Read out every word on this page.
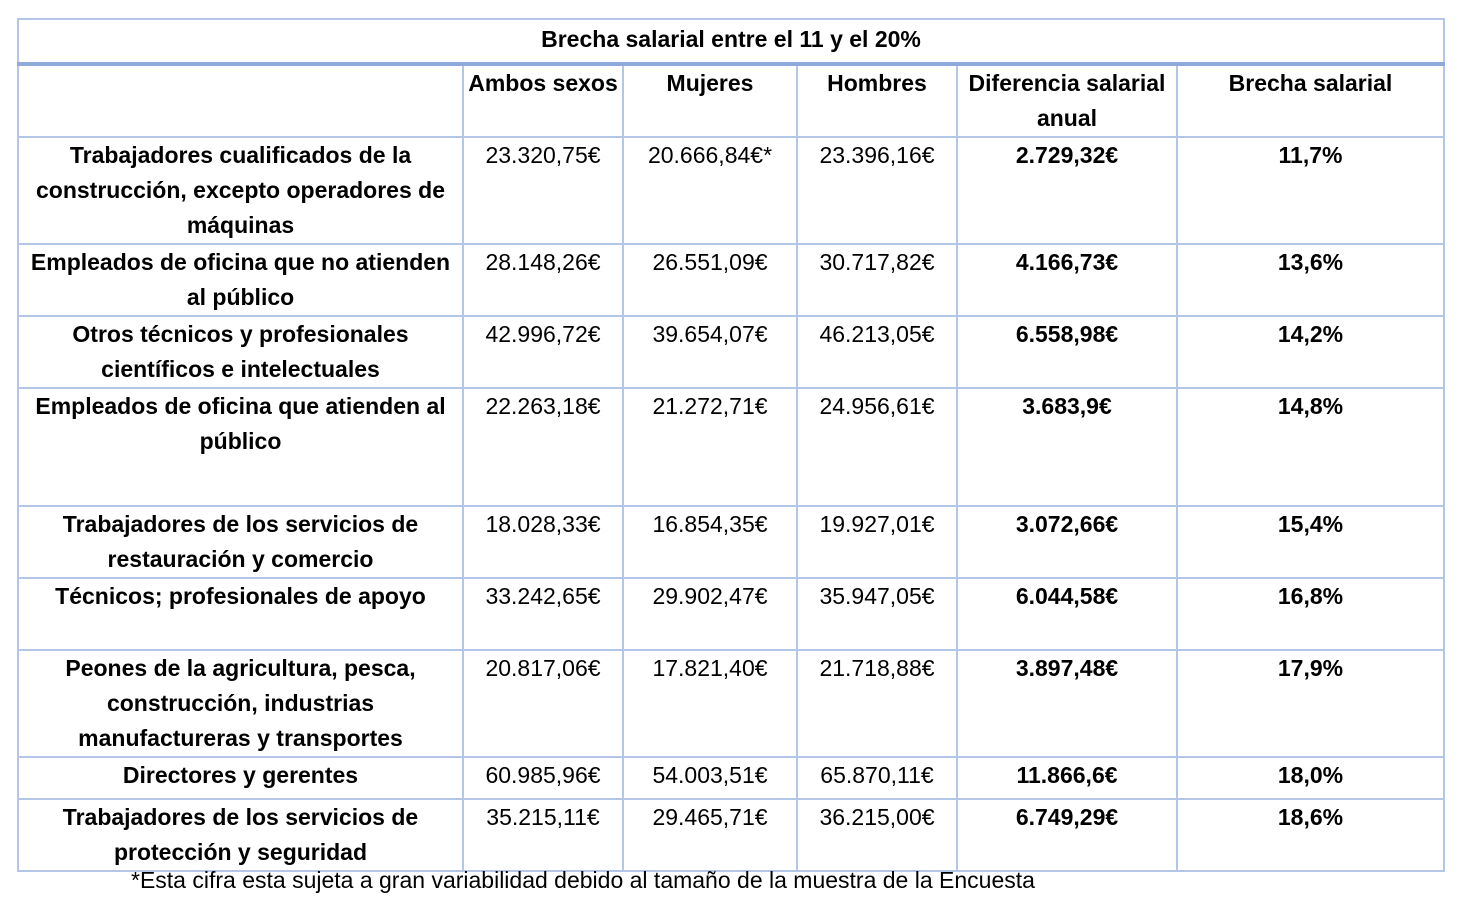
Brecha salarial entre el 11 y el 20%					
	Ambos sexos	Mujeres	Hombres	Diferencia salarial anual	Brecha salarial
Trabajadores cualificados de la construcción, excepto operadores de máquinas	23.320,75€	20.666,84€*	23.396,16€	2.729,32€	11,7%
Empleados de oficina que no atienden al público	28.148,26€	26.551,09€	30.717,82€	4.166,73€	13,6%
Otros técnicos y profesionales científicos e intelectuales	42.996,72€	39.654,07€	46.213,05€	6.558,98€	14,2%
Empleados de oficina que atienden al público	22.263,18€	21.272,71€	24.956,61€	3.683,9€	14,8%
Trabajadores de los servicios de restauración y comercio	18.028,33€	16.854,35€	19.927,01€	3.072,66€	15,4%
Técnicos; profesionales de apoyo	33.242,65€	29.902,47€	35.947,05€	6.044,58€	16,8%
Peones de la agricultura, pesca, construcción, industrias manufactureras y transportes	20.817,06€	17.821,40€	21.718,88€	3.897,48€	17,9%
Directores y gerentes	60.985,96€	54.003,51€	65.870,11€	11.866,6€	18,0%
Trabajadores de los servicios de protección y seguridad	35.215,11€	29.465,71€	36.215,00€	6.749,29€	18,6%
*Esta cifra esta sujeta a gran variabilidad debido al tamaño de la muestra de la Encuesta
